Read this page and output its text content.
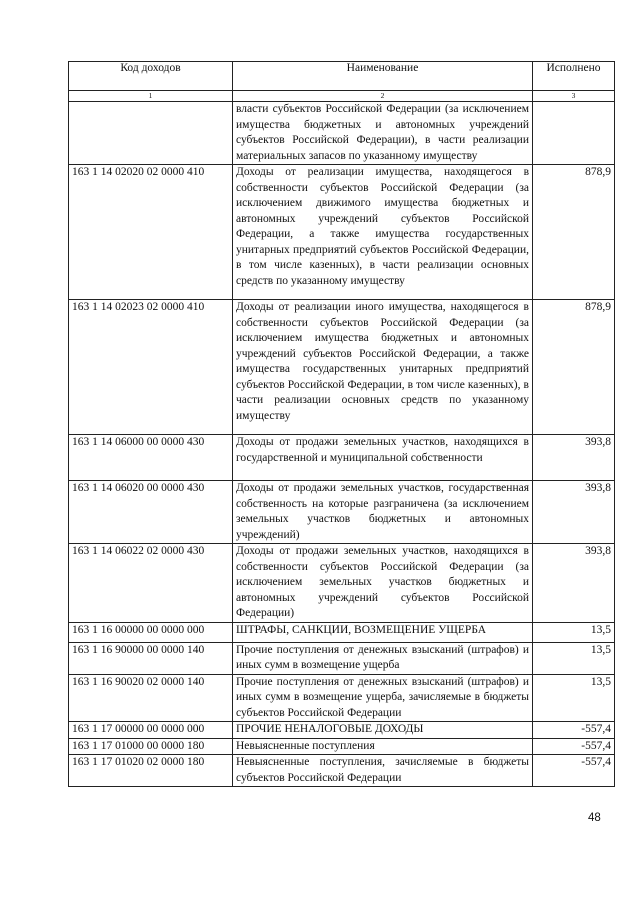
Код доходов	Наименование	Исполнено
1	2	3
	власти субъектов Российской Федерации (за исключением имущества бюджетных и автономных учреждений субъектов Российской Федерации), в части реализации материальных запасов по указанному имуществу	
163 1 14 02020 02 0000 410	Доходы от реализации имущества, находящегося в собственности субъектов Российской Федерации (за исключением движимого имущества бюджетных и автономных учреждений субъектов Российской Федерации, а также имущества государственных унитарных предприятий субъектов Российской Федерации, в том числе казенных), в части реализации основных средств по указанному имуществу	878,9
163 1 14 02023 02 0000 410	Доходы от реализации иного имущества, находящегося в собственности субъектов Российской Федерации (за исключением имущества бюджетных и автономных учреждений субъектов Российской Федерации, а также имущества государственных унитарных предприятий субъектов Российской Федерации, в том числе казенных), в части реализации основных средств по указанному имуществу	878,9
163 1 14 06000 00 0000 430	Доходы от продажи земельных участков, находящихся в государственной и муниципальной собственности	393,8
163 1 14 06020 00 0000 430	Доходы от продажи земельных участков, государственная собственность на которые разграничена (за исключением земельных участков бюджетных и автономных учреждений)	393,8
163 1 14 06022 02 0000 430	Доходы от продажи земельных участков, находящихся в собственности субъектов Российской Федерации (за исключением земельных участков бюджетных и автономных учреждений субъектов Российской Федерации)	393,8
163 1 16 00000 00 0000 000	ШТРАФЫ, САНКЦИИ, ВОЗМЕЩЕНИЕ УЩЕРБА	13,5
163 1 16 90000 00 0000 140	Прочие поступления от денежных взысканий (штрафов) и иных сумм в возмещение ущерба	13,5
163 1 16 90020 02 0000 140	Прочие поступления от денежных взысканий (штрафов) и иных сумм в возмещение ущерба, зачисляемые в бюджеты субъектов Российской Федерации	13,5
163 1 17 00000 00 0000 000	ПРОЧИЕ НЕНАЛОГОВЫЕ ДОХОДЫ	-557,4
163 1 17 01000 00 0000 180	Невыясненные поступления	-557,4
163 1 17 01020 02 0000 180	Невыясненные поступления, зачисляемые в бюджеты субъектов Российской Федерации	-557,4
48
